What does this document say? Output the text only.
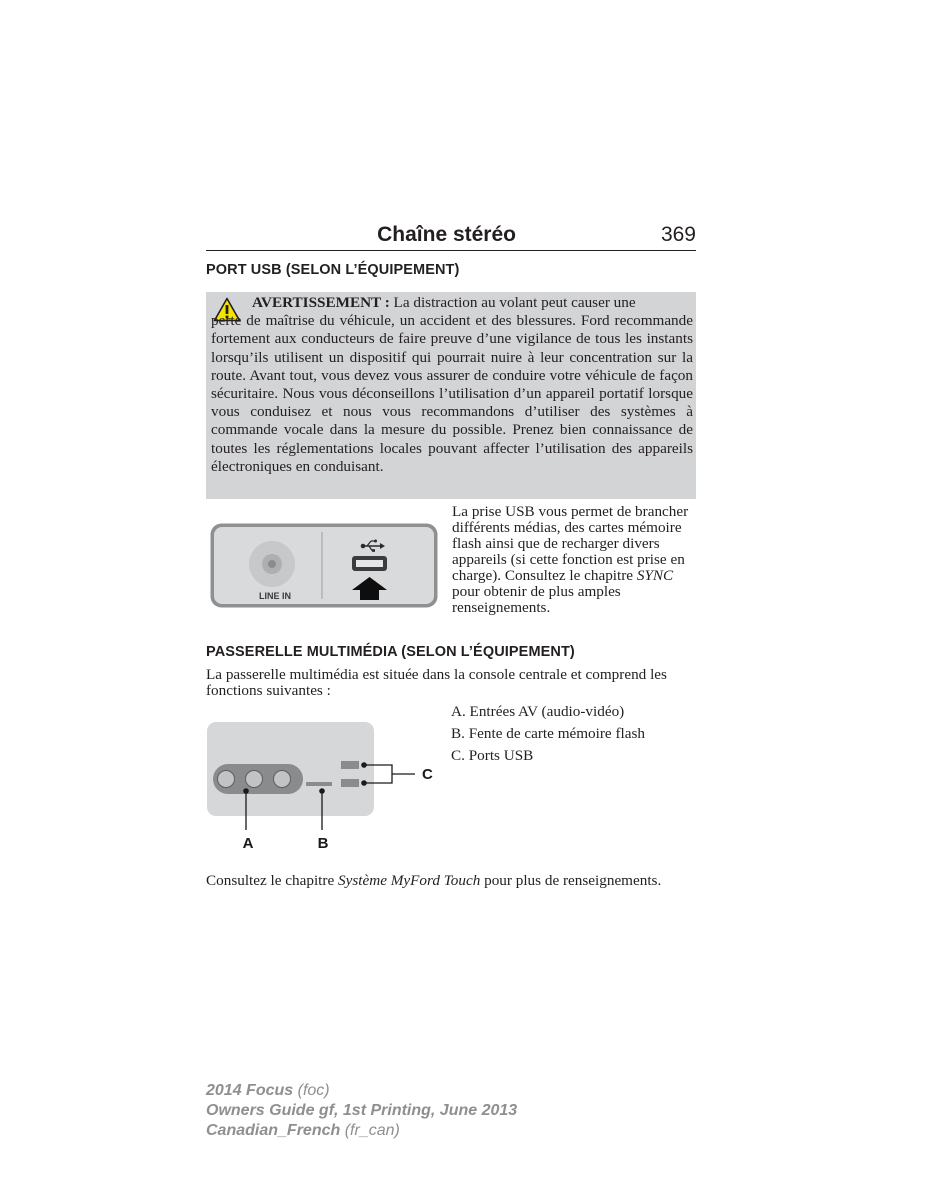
Chaîne stéréo	369
PORT USB (SELON L’ÉQUIPEMENT)
AVERTISSEMENT : La distraction au volant peut causer une
perte de maîtrise du véhicule, un accident et des blessures. Ford recommande fortement aux conducteurs de faire preuve d’une vigilance de tous les instants lorsqu’ils utilisent un dispositif qui pourrait nuire à leur concentration sur la route. Avant tout, vous devez vous assurer de conduire votre véhicule de façon sécuritaire. Nous vous déconseillons l’utilisation d’un appareil portatif lorsque vous conduisez et nous vous recommandons d’utiliser des systèmes à commande vocale dans la mesure du possible. Prenez bien connaissance de toutes les réglementations locales pouvant affecter l’utilisation des appareils électroniques en conduisant.
LINE IN
La prise USB vous permet de brancher différents médias, des cartes mémoire flash ainsi que de recharger divers appareils (si cette fonction est prise en charge). Consultez le chapitre SYNC pour obtenir de plus amples renseignements.
PASSERELLE MULTIMÉDIA (SELON L’ÉQUIPEMENT)
La passerelle multimédia est située dans la console centrale et comprend les fonctions suivantes :
A	B
C
A. Entrées AV (audio-vidéo)
B. Fente de carte mémoire flash
C. Ports USB
Consultez le chapitre Système MyFord Touch pour plus de renseignements.
2014 Focus (foc)
Owners Guide gf, 1st Printing, June 2013
Canadian_French (fr_can)
